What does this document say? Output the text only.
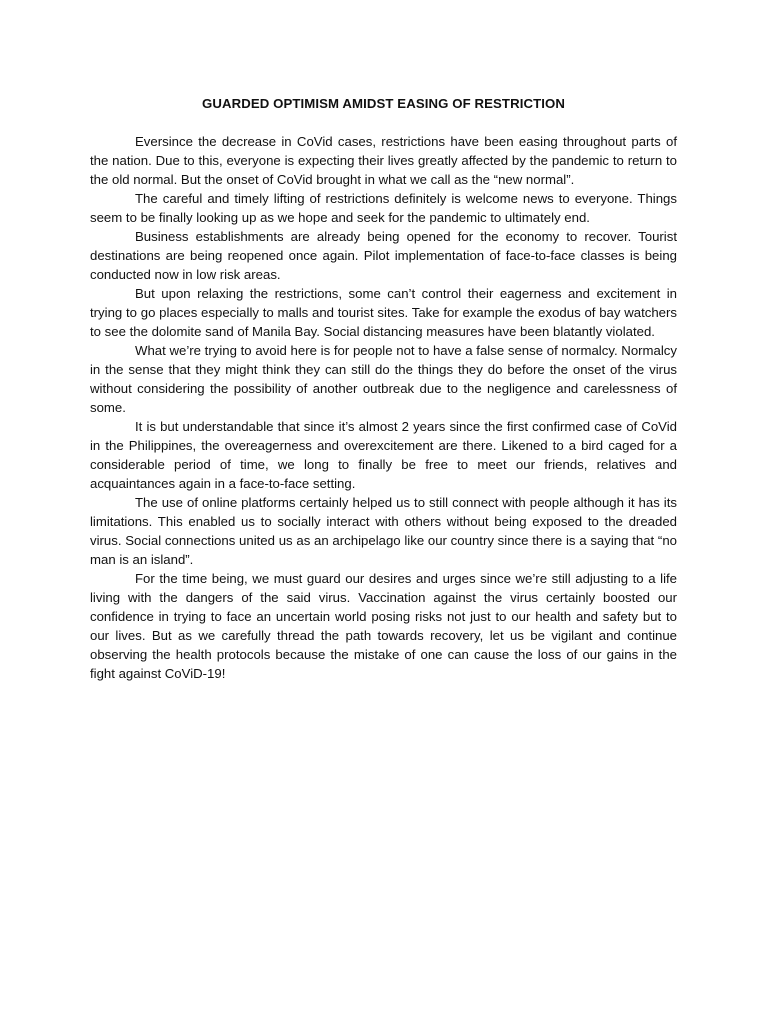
GUARDED OPTIMISM AMIDST EASING OF RESTRICTION

Eversince the decrease in CoVid cases, restrictions have been easing throughout parts of the nation. Due to this, everyone is expecting their lives greatly affected by the pandemic to return to the old normal. But the onset of CoVid brought in what we call as the “new normal”.

The careful and timely lifting of restrictions definitely is welcome news to everyone. Things seem to be finally looking up as we hope and seek for the pandemic to ultimately end.

Business establishments are already being opened for the economy to recover. Tourist destinations are being reopened once again. Pilot implementation of face-to-face classes is being conducted now in low risk areas.

But upon relaxing the restrictions, some can’t control their eagerness and excitement in trying to go places especially to malls and tourist sites. Take for example the exodus of bay watchers to see the dolomite sand of Manila Bay. Social distancing measures have been blatantly violated.

What we’re trying to avoid here is for people not to have a false sense of normalcy. Normalcy in the sense that they might think they can still do the things they do before the onset of the virus without considering the possibility of another outbreak due to the negligence and carelessness of some.

It is but understandable that since it’s almost 2 years since the first confirmed case of CoVid in the Philippines, the overeagerness and overexcitement are there. Likened to a bird caged for a considerable period of time, we long to finally be free to meet our friends, relatives and acquaintances again in a face-to-face setting.

The use of online platforms certainly helped us to still connect with people although it has its limitations. This enabled us to socially interact with others without being exposed to the dreaded virus. Social connections united us as an archipelago like our country since there is a saying that “no man is an island”.

For the time being, we must guard our desires and urges since we’re still adjusting to a life living with the dangers of the said virus. Vaccination against the virus certainly boosted our confidence in trying to face an uncertain world posing risks not just to our health and safety but to our lives. But as we carefully thread the path towards recovery, let us be vigilant and continue observing the health protocols because the mistake of one can cause the loss of our gains in the fight against CoViD-19!
